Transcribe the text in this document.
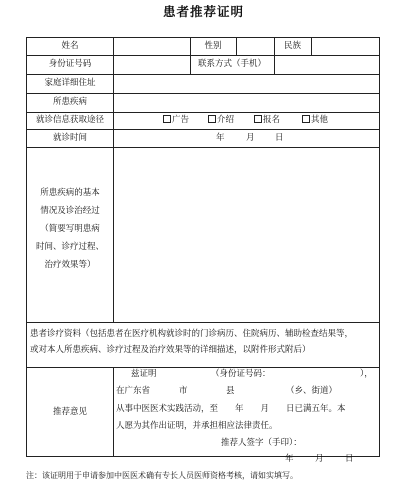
患者推荐证明
姓名	性别	民族
身份证号码	联系方式（手机）
家庭详细住址
所患疾病
就诊信息获取途径	广告	介绍	报名	其他
就诊时间	年	月 日
所患疾病的基本
情况及诊治经过
（简要写明患病
时间、诊疗过程、
治疗效果等）
患者诊疗资料（包括患者在医疗机构就诊时的门诊病历、住院病历、辅助检查结果等，
或对本人所患疾病、诊疗过程及治疗效果等的详细描述，以附件形式附后）
推荐意见
兹证明	（身份证号码：	），
在广东省	市	县	（乡、街道）
从事中医医术实践活动，至　　年　　月　　日已满五年。本
人愿为其作出证明，并承担相应法律责任。
推荐人签字（手印）：
年	月	日
注：该证明用于申请参加中医医术确有专长人员医师资格考核，请如实填写。
